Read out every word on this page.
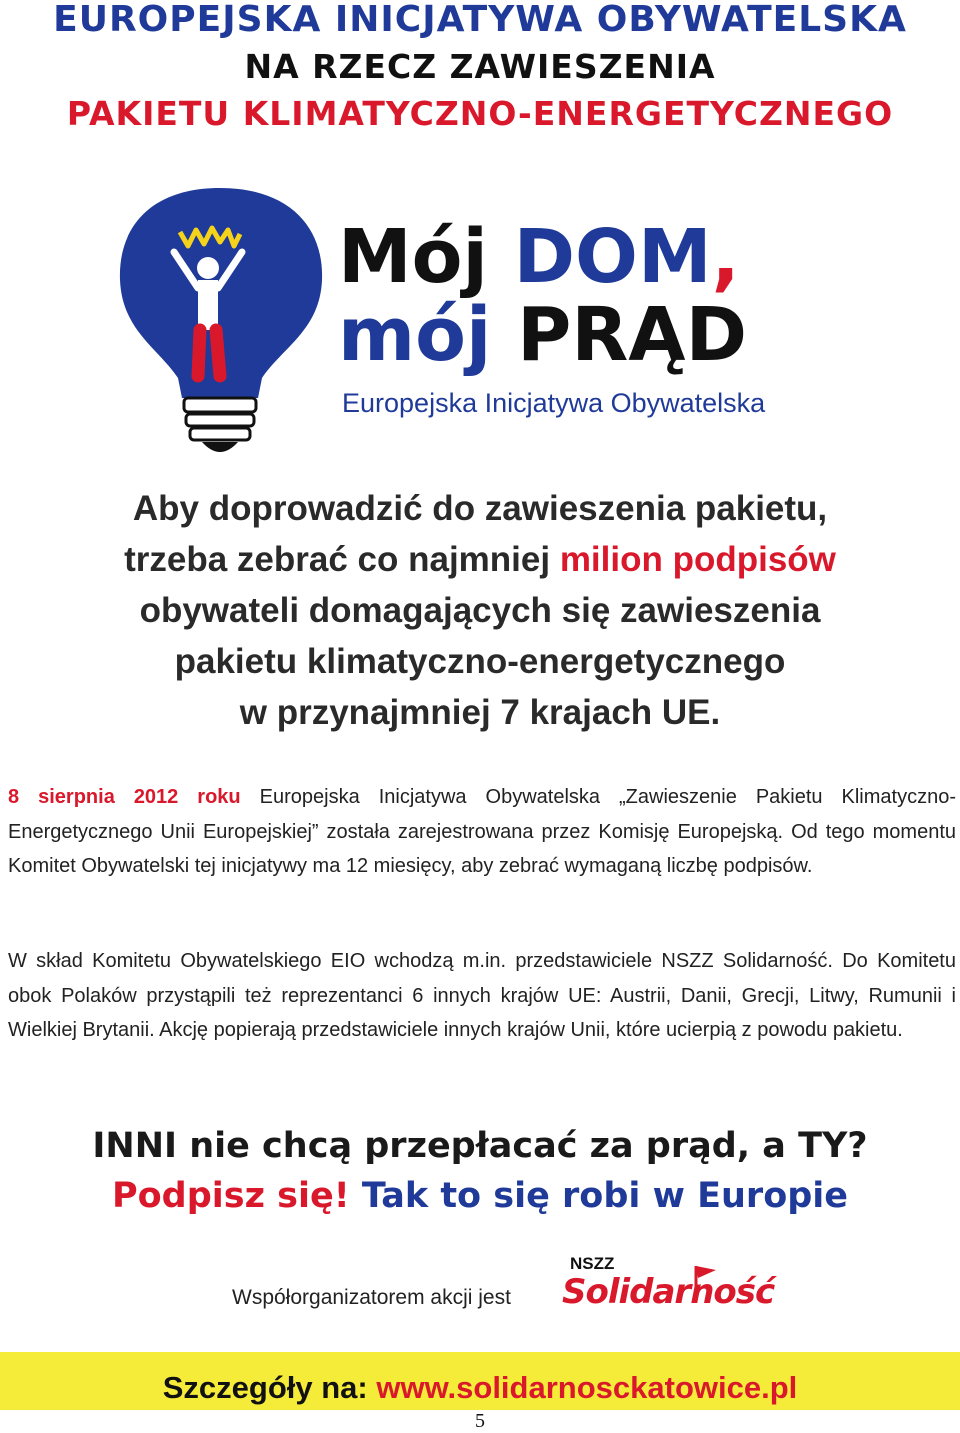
EUROPEJSKA INICJATYWA OBYWATELSKA
NA RZECZ ZAWIESZENIA
PAKIETU KLIMATYCZNO-ENERGETYCZNEGO
Mój DOM,
mój PRĄD
Europejska Inicjatywa Obywatelska
Aby doprowadzić do zawieszenia pakietu,
trzeba zebrać co najmniej milion podpisów
obywateli domagających się zawieszenia
pakietu klimatyczno-energetycznego
w przynajmniej 7 krajach UE.
8 sierpnia 2012 roku Europejska Inicjatywa Obywatelska „Zawieszenie Pakietu Klimatyczno-Energetycznego Unii Europejskiej” została zarejestrowana przez Komisję Europejską. Od tego momentu Komitet Obywatelski tej inicjatywy ma 12 miesięcy, aby zebrać wymaganą liczbę podpisów.
W skład Komitetu Obywatelskiego EIO wchodzą m.in. przedstawiciele NSZZ Solidarność. Do Komitetu obok Polaków przystąpili też reprezentanci 6 innych krajów UE: Austrii, Danii, Grecji, Litwy, Rumunii i Wielkiej Brytanii. Akcję popierają przedstawiciele innych krajów Unii, które ucierpią z powodu pakietu.
INNI nie chcą przepłacać za prąd, a TY?
Podpisz się! Tak to się robi w Europie
Współorganizatorem akcji jest
NSZZ
Solidarność
Szczegóły na: www.solidarnosckatowice.pl
5
